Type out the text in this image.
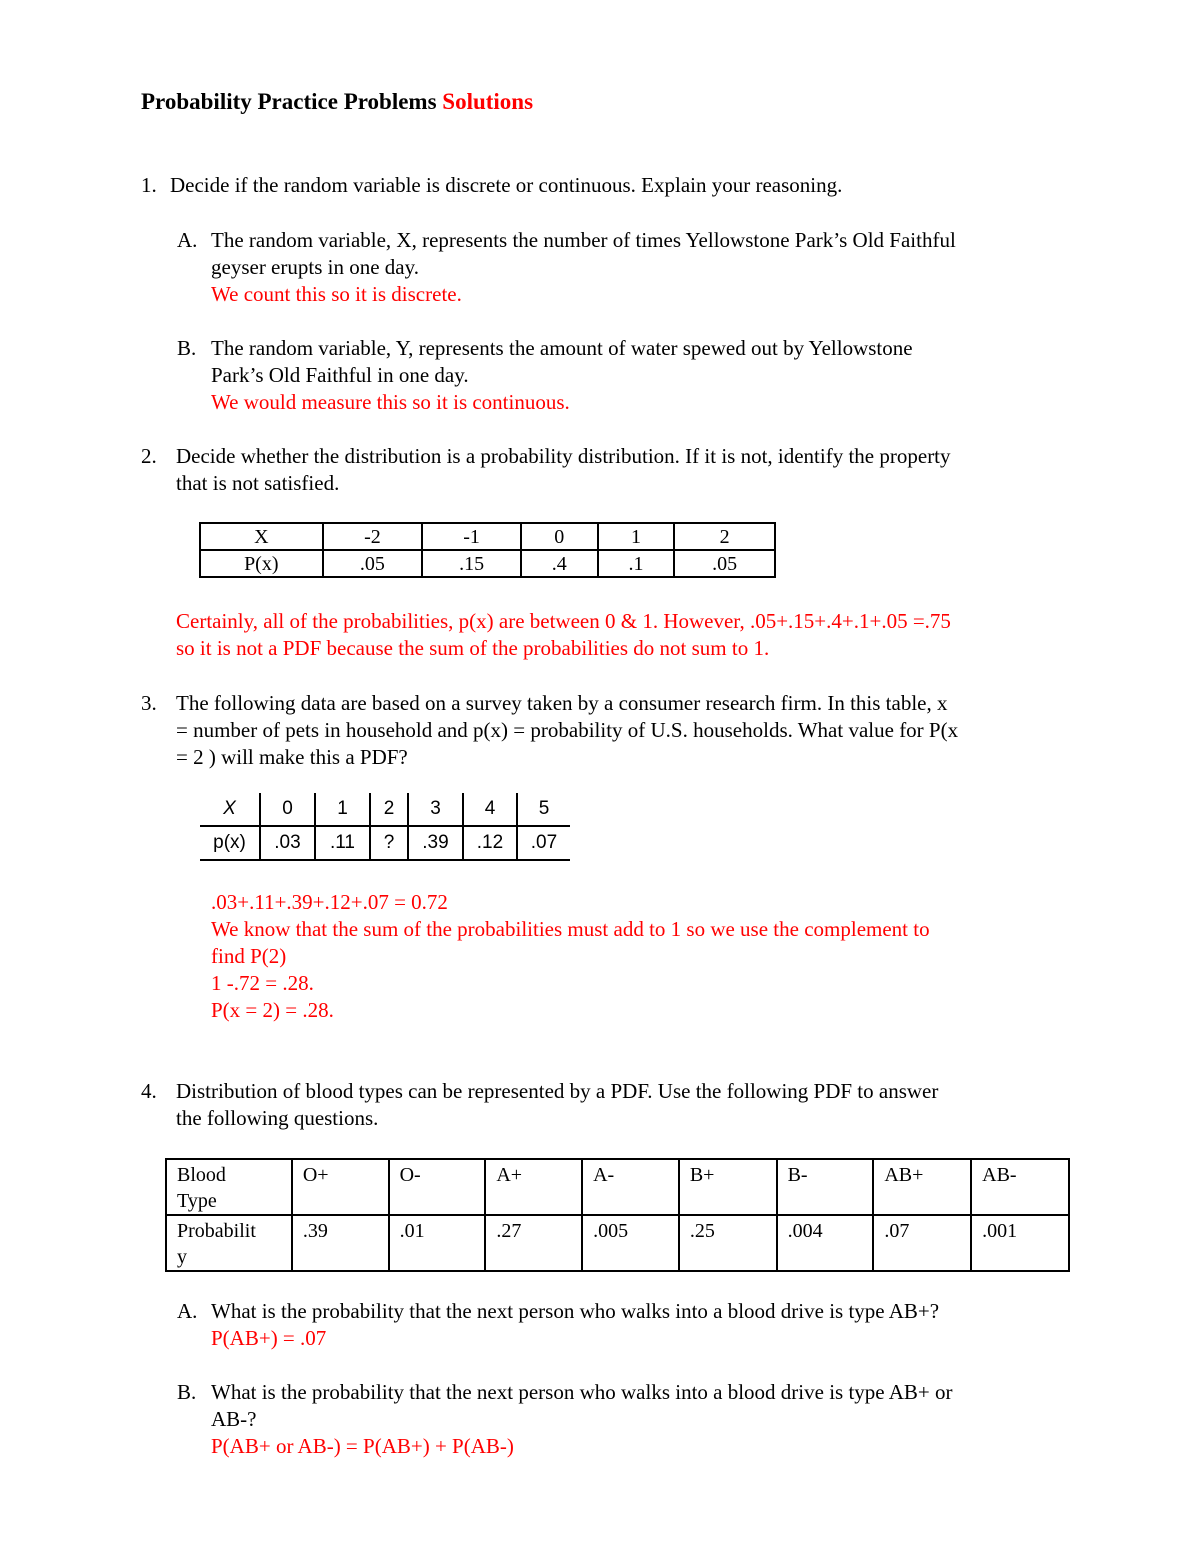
Probability Practice Problems Solutions

1. Decide if the random variable is discrete or continuous. Explain your reasoning.

A. The random variable, X, represents the number of times Yellowstone Park’s Old Faithful

geyser erupts in one day.

We count this so it is discrete.

B. The random variable, Y, represents the amount of water spewed out by Yellowstone

Park’s Old Faithful in one day.

We would measure this so it is continuous.

2. Decide whether the distribution is a probability distribution. If it is not, identify the property

that is not satisfied.

X	-2	-1	0	1	2
P(x)	.05	.15	.4	.1	.05

Certainly, all of the probabilities, p(x) are between 0 & 1. However, .05+.15+.4+.1+.05 =.75

so it is not a PDF because the sum of the probabilities do not sum to 1.

3. The following data are based on a survey taken by a consumer research firm. In this table, x

= number of pets in household and p(x) = probability of U.S. households. What value for P(x

= 2 ) will make this a PDF?

X	0	1	2	3	4	5
p(x)	.03	.11	?	.39	.12	.07

.03+.11+.39+.12+.07 = 0.72

We know that the sum of the probabilities must add to 1 so we use the complement to

find P(2)

1 -.72 = .28.

P(x = 2) = .28.

4. Distribution of blood types can be represented by a PDF. Use the following PDF to answer

the following questions.

Blood
Type	O+	O-	A+	A-	B+	B-	AB+	AB-
Probabilit
y	.39	.01	.27	.005	.25	.004	.07	.001

A. What is the probability that the next person who walks into a blood drive is type AB+?

P(AB+) = .07

B. What is the probability that the next person who walks into a blood drive is type AB+ or

AB-?

P(AB+ or AB-) = P(AB+) + P(AB-)
